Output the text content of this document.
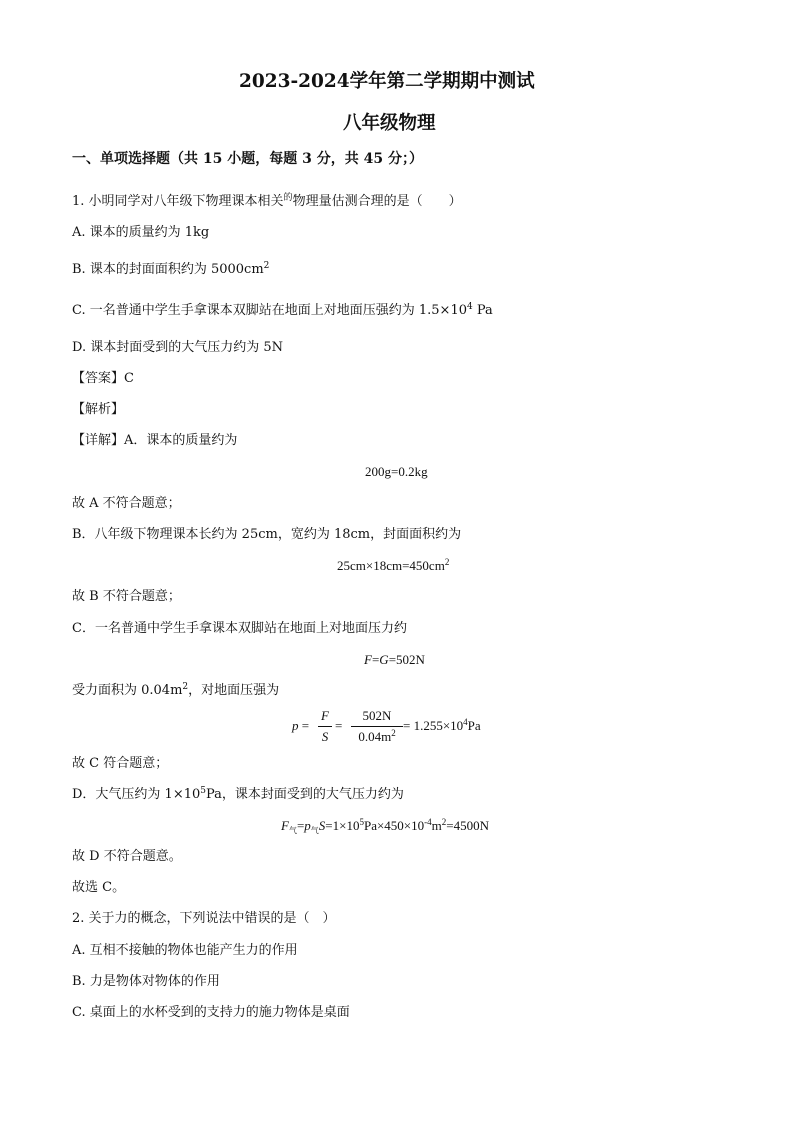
2023-2024学年第二学期期中测试
八年级物理
一、单项选择题（共 15 小题，每题 3 分，共 45 分；）
1. 小明同学对八年级下物理课本相关$^的$物理量估测合理的是（　　）
A. 课本的质量约为 1kg
B. 课本的封面面积约为 $5000cm^2$
C. 一名普通中学生手拿课本双脚站在地面上对地面压强约为 $1.5\times 10^4$ Pa
D. 课本封面受到的大气压力约为 5N
【答案】C
【解析】
【详解】A．课本的质量约为
200g=0.2kg
故 A 不符合题意；
B．八年级下物理课本长约为 25cm，宽约为 18cm，封面面积约为
$25cm\times 18cm=450cm^2$
故 B 不符合题意；
C．一名普通中学生手拿课本双脚站在地面上对地面压力约
F=G=502N
受力面积为 $0.04m^2$，对地面压强为
p =
F
S
=
502N
$0.04m^2 = 1.255\times 10^4Pa$
故 C 符合题意；
D．大气压约为 $1\times 10^5Pa$，课本封面受到的大气压力约为
$F_气=p_气S=1\times 10^5Pa\times 450\times 10^{-4}m^2=4500N$
故 D 不符合题意。
故选 C。
2. 关于力的概念，下列说法中错误的是（　）
A. 互相不接触的物体也能产生力的作用
B. 力是物体对物体的作用
C. 桌面上的水杯受到的支持力的施力物体是桌面
